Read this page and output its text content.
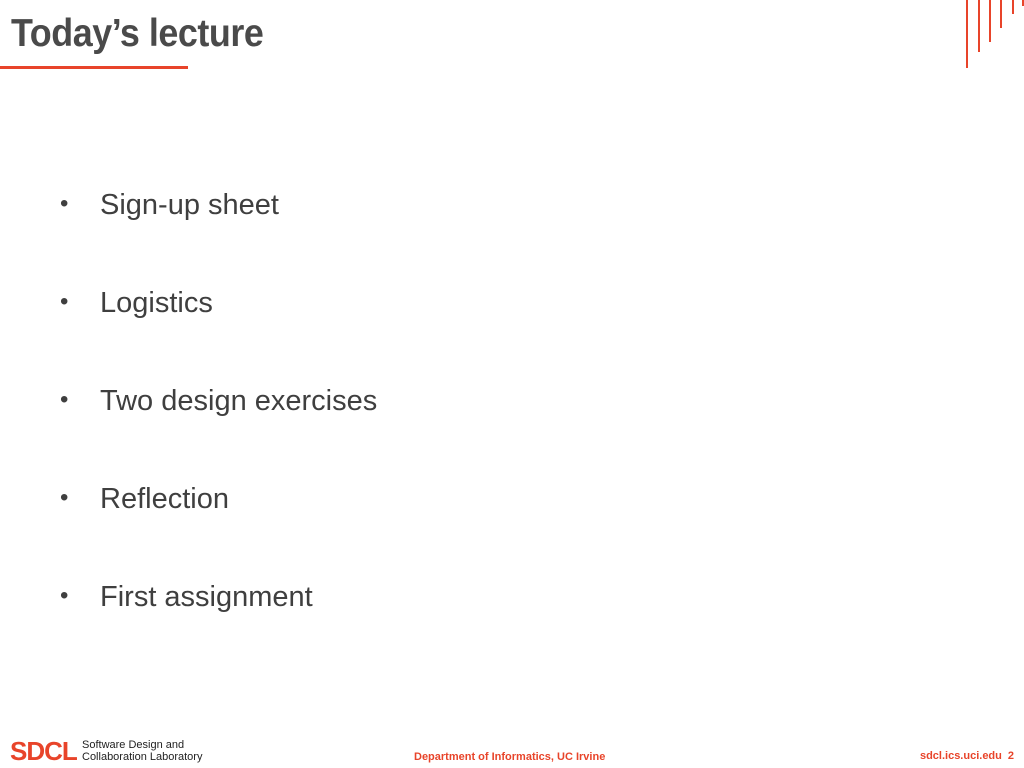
Today’s lecture
•	Sign-up sheet
•	Logistics
•	Two design exercises
•	Reflection
•	First assignment
SDCL Software Design and
Collaboration Laboratory	Department of Informatics, UC Irvine	sdcl.ics.uci.edu 2
